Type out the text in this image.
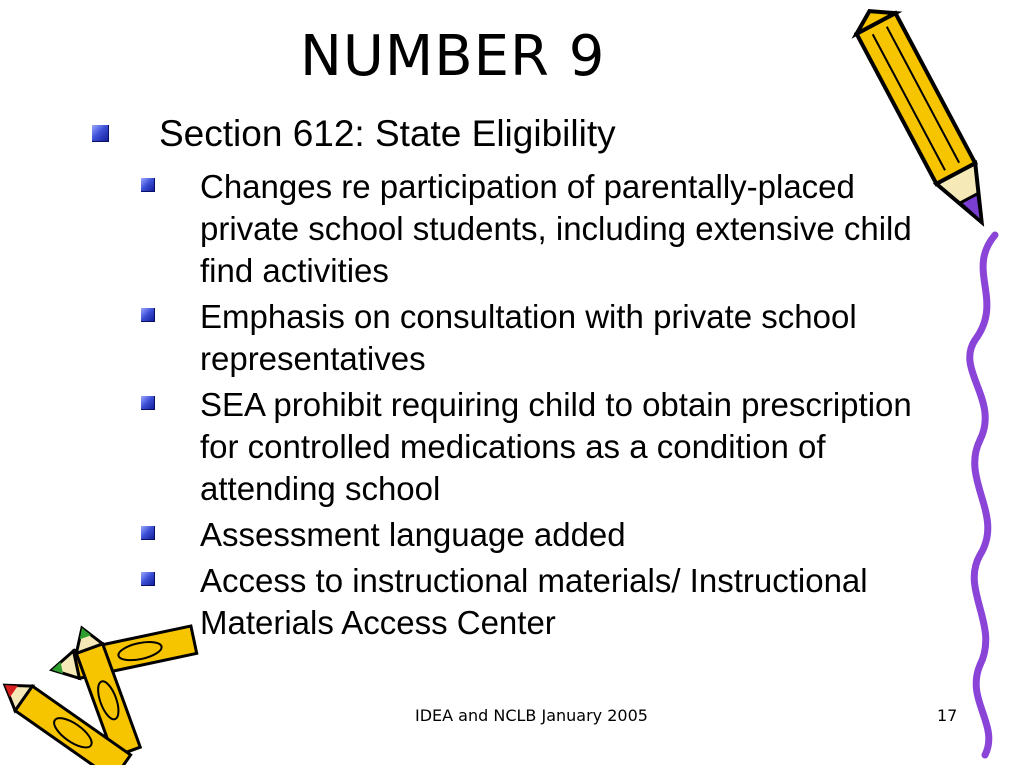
NUMBER 9
Section 612: State Eligibility
Changes re participation of parentally-placed private school students, including extensive child find activities
Emphasis on consultation with private school representatives
SEA prohibit requiring child to obtain prescription for controlled medications as a condition of attending school
Assessment language added
Access to instructional materials/ Instructional Materials Access Center
IDEA and NCLB January 2005	17
